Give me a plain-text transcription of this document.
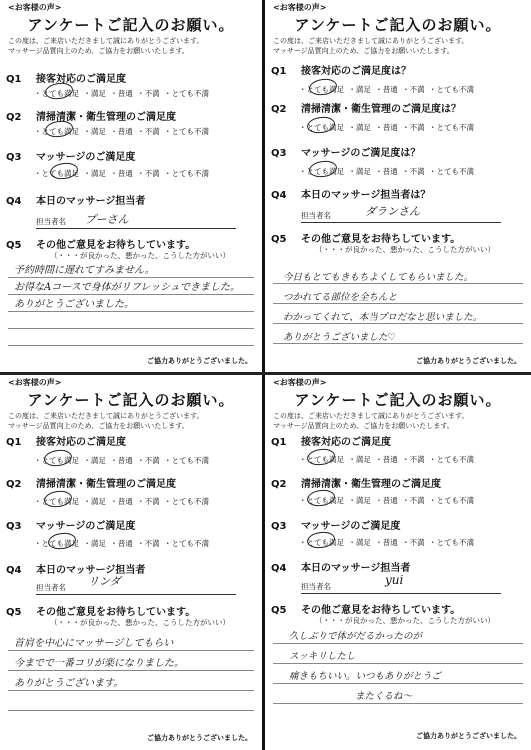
<お客様の声>
アンケートご記入のお願い。
この度は、ご来店いただきまして誠にありがとうございます。
マッサージ品質向上のため、ご協力をお願いいたします。
Q1 接客対応のご満足度
・とても満足 ・満足 ・普通 ・不満 ・とても不満
Q2 清掃清潔・衛生管理のご満足度
・とても満足 ・満足 ・普通 ・不満 ・とても不満
Q3 マッサージのご満足度
・とても満足 ・満足 ・普通 ・不満 ・とても不満
Q4 本日のマッサージ担当者
担当者名 プーさん
Q5 その他ご意見をお待ちしています。
（・・・が良かった、悪かった、こうした方がいい）
予約時間に遅れてすみません。
お得なAコースで身体がリフレッシュできました。
ありがとうございました。
ご協力ありがとうございました。
<お客様の声>
アンケートご記入のお願い。
この度は、ご来店いただきまして誠にありがとうございます。
マッサージ品質向上のため、ご協力をお願いいたします。
Q1 接客対応のご満足度は？
・とても満足 ・満足 ・普通 ・不満 ・とても不満
Q2 清掃清潔・衛生管理のご満足度は？
・とても満足 ・満足 ・普通 ・不満 ・とても不満
Q3 マッサージのご満足度は？
・とても満足 ・満足 ・普通 ・不満 ・とても不満
Q4 本日のマッサージ担当者は？
担当者名	ダランさん
Q5 その他ご意見をお待ちしています。
（・・・が良かった、悪かった、こうした方がいい）
今日もとてもきもちよくしてもらいました。
つかれてる部位を全ちんと
わかってくれて、本当プロだなと思いました。
ありがとうございました♡
ご協力ありがとうございました。
<お客様の声>
アンケートご記入のお願い。
この度は、ご来店いただきまして誠にありがとうございます。
マッサージ品質向上のため、ご協力をお願いいたします。
Q1 接客対応のご満足度
・とても満足 ・満足 ・普通 ・不満 ・とても不満
Q2 清掃清潔・衛生管理のご満足度
・とても満足 ・満足 ・普通 ・不満 ・とても不満
Q3 マッサージのご満足度
・とても満足 ・満足 ・普通 ・不満 ・とても不満
Q4 本日のマッサージ担当者
担当者名 リンダ
Q5 その他ご意見をお待ちしています。
（・・・が良かった、悪かった、こうした方がいい）
首肩を中心にマッサージしてもらい
今までで一番コリが楽になりました。
ありがとうございます。
ご協力ありがとうございました。
<お客様の声>
アンケートご記入のお願い。
この度は、ご来店いただきまして誠にありがとうございます。
マッサージ品質向上のため、ご協力をお願いいたします。
Q1 接客対応のご満足度
・とても満足 ・満足 ・普通 ・不満 ・とても不満
Q2 清掃清潔・衛生管理のご満足度
・とても満足 ・満足 ・普通 ・不満 ・とても不満
Q3 マッサージのご満足度
・とても満足 ・満足 ・普通 ・不満 ・とても不満
Q4 本日のマッサージ担当者
担当者名	yui
Q5 その他ご意見をお待ちしています。
（・・・が良かった、悪かった、こうした方がいい）
久しぶりで体がだるかったのが
スッキリしたし
痛きもちいい。いつもありがとうご
またくるね〜
ご協力ありがとうございました。
